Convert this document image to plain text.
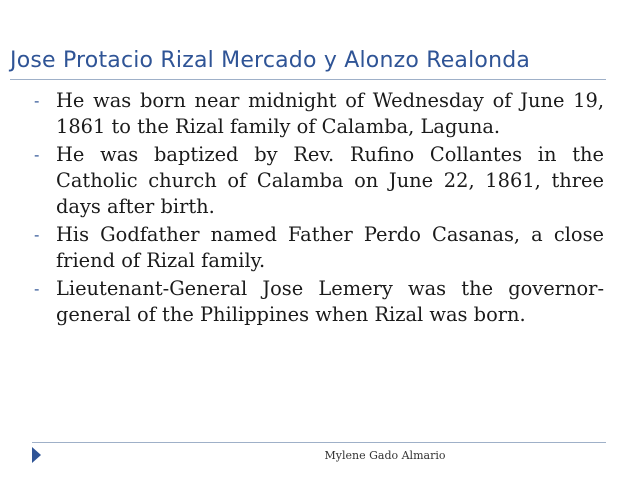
Jose Protacio Rizal Mercado y Alonzo Realonda
- He was born near midnight of Wednesday of June 19, 1861 to the Rizal family of Calamba, Laguna.
- He was baptized by Rev. Rufino Collantes in the Catholic church of Calamba on June 22, 1861, three days after birth.
- His Godfather named Father Perdo Casanas, a close friend of Rizal family.
- Lieutenant-General Jose Lemery was the governor-general of the Philippines when Rizal was born.
Mylene Gado Almario
